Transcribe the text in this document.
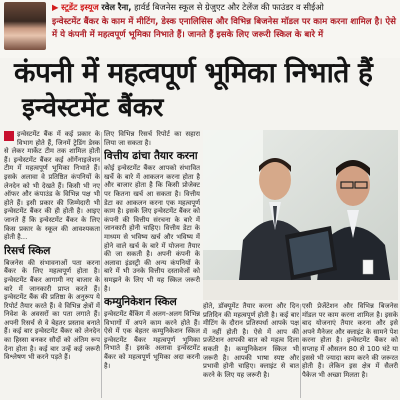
▶ स्टूडेंट इस्यूज रवेल रैना, हार्वर्ड बिजनेस स्कूल से ग्रेजुएट और टेलेंज की फाउंडर व सीईओ
इन्वेस्टमेंट बैंकर के काम में मीटिंग, डेस्क एनालिसिस और विभिन्न बिजनेस मॉडल पर काम करना शामिल है। ऐसे में ये कंपनी में महत्वपूर्ण भूमिका निभाते हैं। जानते हैं इसके लिए जरूरी स्किल के बारे में
कंपनी में महत्वपूर्ण भूमिका निभाते हैं
इन्वेस्टमेंट बैंकर
इन्वेस्टमेंट बैंक में कई प्रकार के विभाग होते हैं, जिनमें ट्रेडिंग डेस्क से लेकर मार्केट टीम तक शामिल होती हैं। इन्वेस्टमेंट बैंकर कई ऑर्गेनाइजेशन टीम में महत्वपूर्ण भूमिका निभाते हैं। इसके अलावा वे प्रतिष्ठित कंपनियों के लेनदेन को भी देखते हैं। किसी भी नए ऑफर और कंपाउंड के विभिन्न पक्ष भी होते हैं। इसी प्रकार की जिम्मेदारी भी इन्वेस्टमेंट बैंकर की ही होती है। आइए जानते हैं कि इन्वेस्टमेंट बैंकर के लिए किस प्रकार के स्कूल की आवश्यकता होती है...
रिसर्च स्किल
बिजनेस की संभावनाओं पता करना बैंकर के लिए महत्वपूर्ण होता है। इन्वेस्टमेंट बैंकर आगामी नए बाजार के बारे में जानकारी प्राप्त करते हैं। इन्वेस्टमेंट बैंक की प्रतिष्ठा के अनुरूप ये रिपोर्ट तैयार करते हैं। वे विभिन्न क्षेत्रों में निवेश के अवसरों का पता लगाते हैं। अपनी रिसर्च से वे बेहतर प्रस्ताव बनाते हैं। कई बार इन्वेस्टमेंट बैंकर को लेनदेन का हिस्सा बनकर सौदों को अंतिम रूप देना होता है। कई बार उन्हें कई जरूरी विश्लेषण भी करने पड़ते हैं।
लिए विभिन्न रिसर्च रिपोर्ट का सहारा लिया जा सकता है।
वित्तीय ढांचा तैयार करना
कोई इन्वेस्टमेंट बैंकर आपको संभावित खर्चे के बारे में आकलन करना होता है और बाजार होता है कि किसी प्रोजेक्ट पर कितना खर्च आ सकता है। वित्तीय डेटा का आकलन करना एक महत्वपूर्ण काम है। इसके लिए इन्वेस्टमेंट बैंकर को कंपनी की वित्तीय संरचना के बारे में जानकारी होनी चाहिए। वित्तीय डेटा के माध्यम से भविष्य खर्च और भविष्य में होने वाले खर्च के बारे में योजना तैयार की जा सकती है। अपनी कंपनी के अलावा इंडस्ट्री की अन्य कंपनियों के बारे में भी उनके वित्तीय दस्तावेजों को समझने के लिए भी यह स्किल जरूरी है।
कम्युनिकेशन स्किल
इन्वेस्टमेंट बैंकिंग में अलग-अलग विभिन्न विभागों में अपने काम करने होते हैं। ऐसे में एक बेहतर कम्युनिकेशन स्किल इन्वेस्टमेंट बैंकर महत्वपूर्ण भूमिका निभाते हैं। इसके अलावा इन्वेस्टमेंट बैंकर को महत्वपूर्ण भूमिका अदा करनी है।
होते, डॉक्यूमेंट तैयार करना और दिन प्रतिदिन की महत्वपूर्ण होती है। कई बार मीटिंग के दौरान प्रतिस्पर्धा आपके पक्ष में नहीं होती है। ऐसे में आप की प्रजेंटेशन आपकी बात को महत्व दिला सकती है। कम्युनिकेशन स्किल भी जरूरी है। आपकी भाषा स्पष्ट और प्रभावी होनी चाहिए। क्लाइंट से बात करने के लिए यह जरूरी है।
एसी प्रेजेंटेशन और विभिन्न बिजनेस मॉडल पर काम करना शामिल है। इसके बाद योजनाएं तैयार करना और इसे अपने मैनेजर और क्लाइंट के सामने पेश करना होता है। इन्वेस्टमेंट बैंकर को सप्ताह में औसतन 80 से 100 घंटे या इससे भी ज्यादा काम करने की जरूरत होती है। लेकिन इस क्षेत्र में सैलरी पैकेज भी अच्छा मिलता है।
